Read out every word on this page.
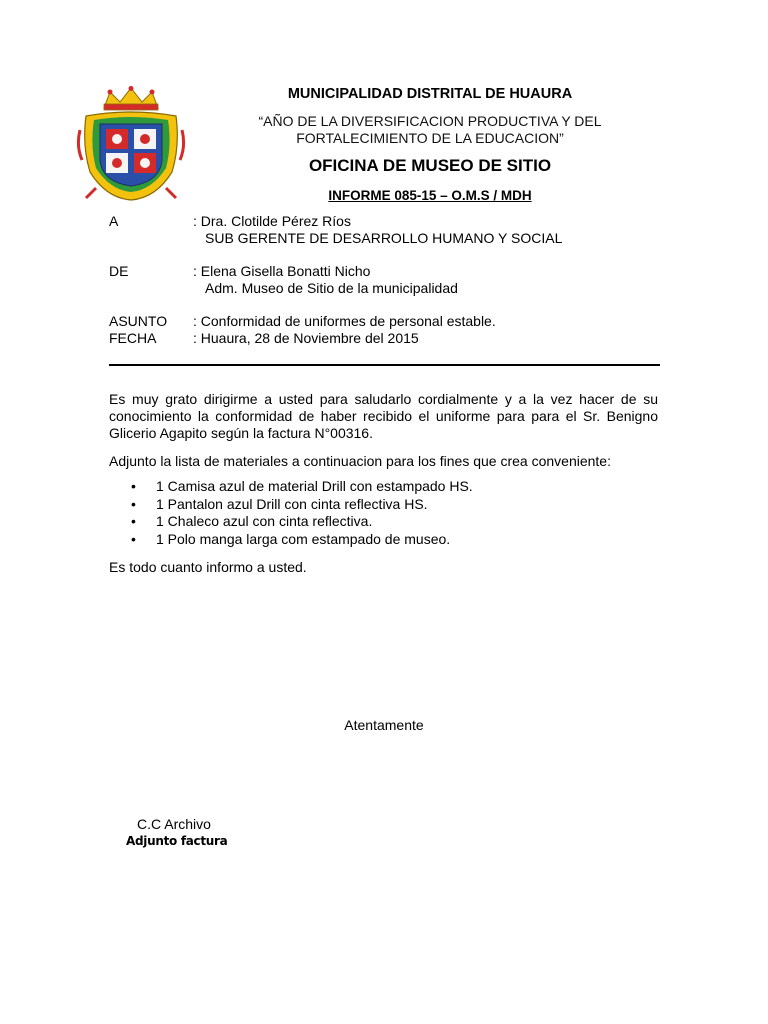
MUNICIPALIDAD DISTRITAL DE HUAURA
“AÑO DE LA DIVERSIFICACION PRODUCTIVA Y DEL
FORTALECIMIENTO DE LA EDUCACION”
OFICINA DE MUSEO DE SITIO
INFORME 085-15 – O.M.S / MDH
A	: Dra. Clotilde Pérez Ríos
SUB GERENTE DE DESARROLLO HUMANO Y SOCIAL
DE	: Elena Gisella Bonatti Nicho
Adm. Museo de Sitio de la municipalidad
ASUNTO : Conformidad de uniformes de personal estable.
FECHA	: Huaura, 28 de Noviembre del 2015
Es muy grato dirigirme a usted para saludarlo cordialmente y a la vez hacer de su conocimiento la conformidad de haber recibido el uniforme para para el Sr. Benigno Glicerio Agapito según la factura N°00316.
Adjunto la lista de materiales a continuacion para los fines que crea conveniente:
• 1 Camisa azul de material Drill con estampado HS.
• 1 Pantalon azul Drill con cinta reflectiva HS.
• 1 Chaleco azul con cinta reflectiva.
• 1 Polo manga larga com estampado de museo.
Es todo cuanto informo a usted.
Atentamente
C.C Archivo
Adjunto factura
